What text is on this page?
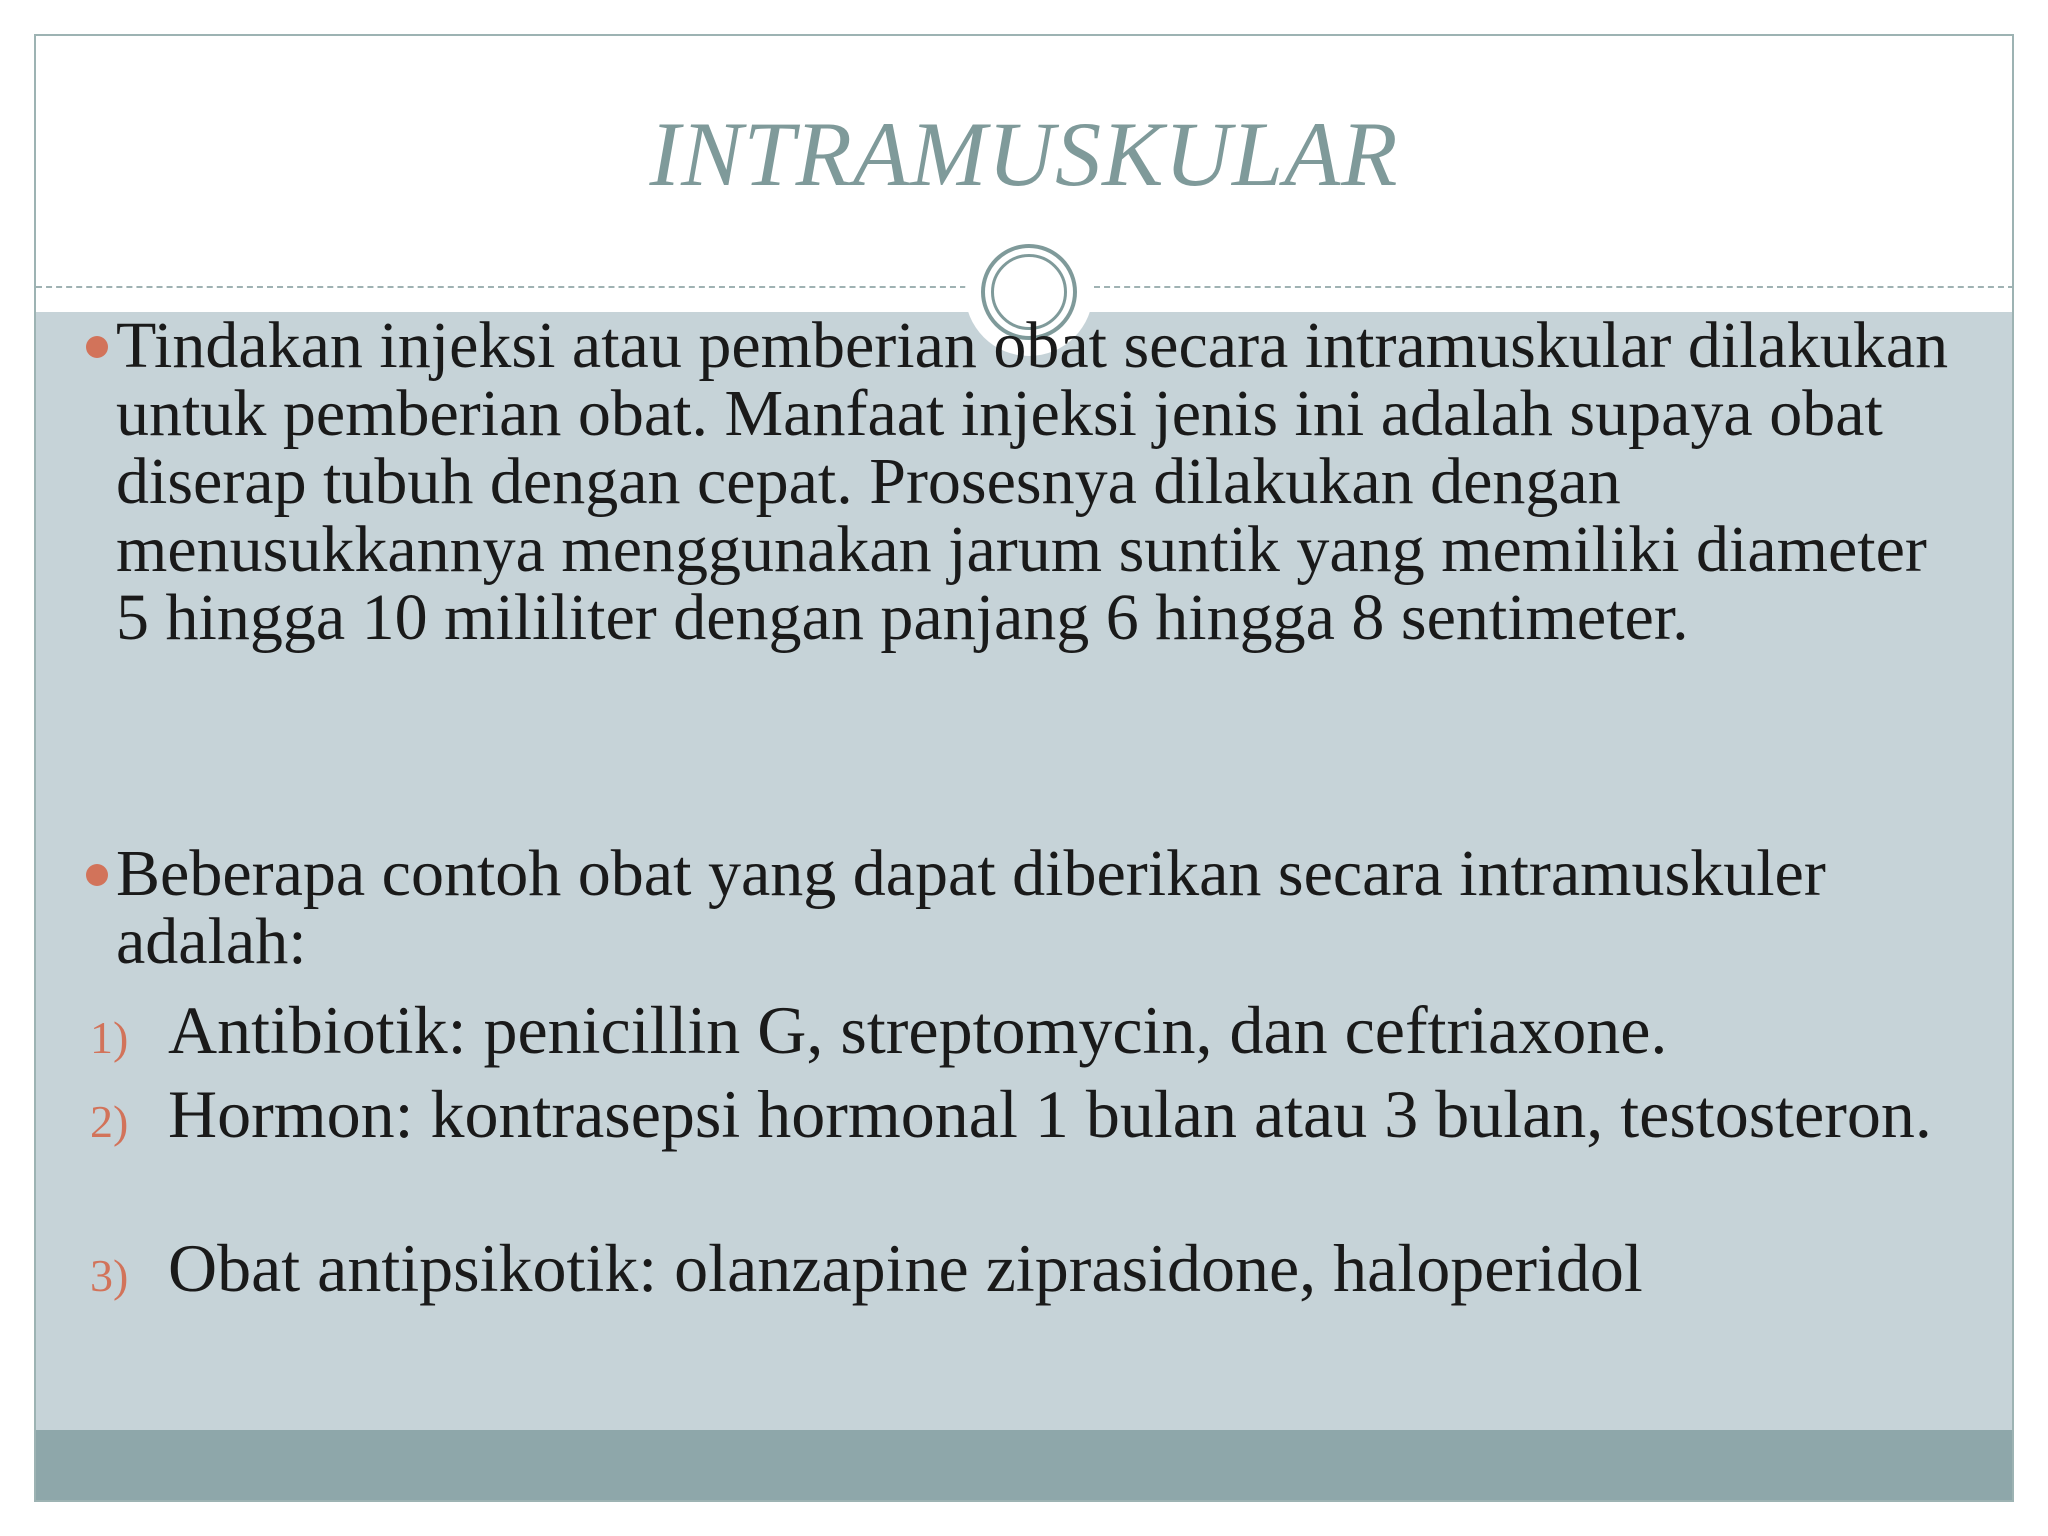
INTRAMUSKULAR
Tindakan injeksi atau pemberian obat secara intramuskular dilakukan untuk pemberian obat. Manfaat injeksi jenis ini adalah supaya obat diserap tubuh dengan cepat. Prosesnya dilakukan dengan menusukkannya menggunakan jarum suntik yang memiliki diameter 5 hingga 10 mililiter dengan panjang 6 hingga 8 sentimeter.
Beberapa contoh obat yang dapat diberikan secara intramuskuler adalah:
1) Antibiotik: penicillin G, streptomycin, dan ceftriaxone.
2) Hormon: kontrasepsi hormonal 1 bulan atau 3 bulan, testosteron.
3) Obat antipsikotik: olanzapine ziprasidone, haloperidol
